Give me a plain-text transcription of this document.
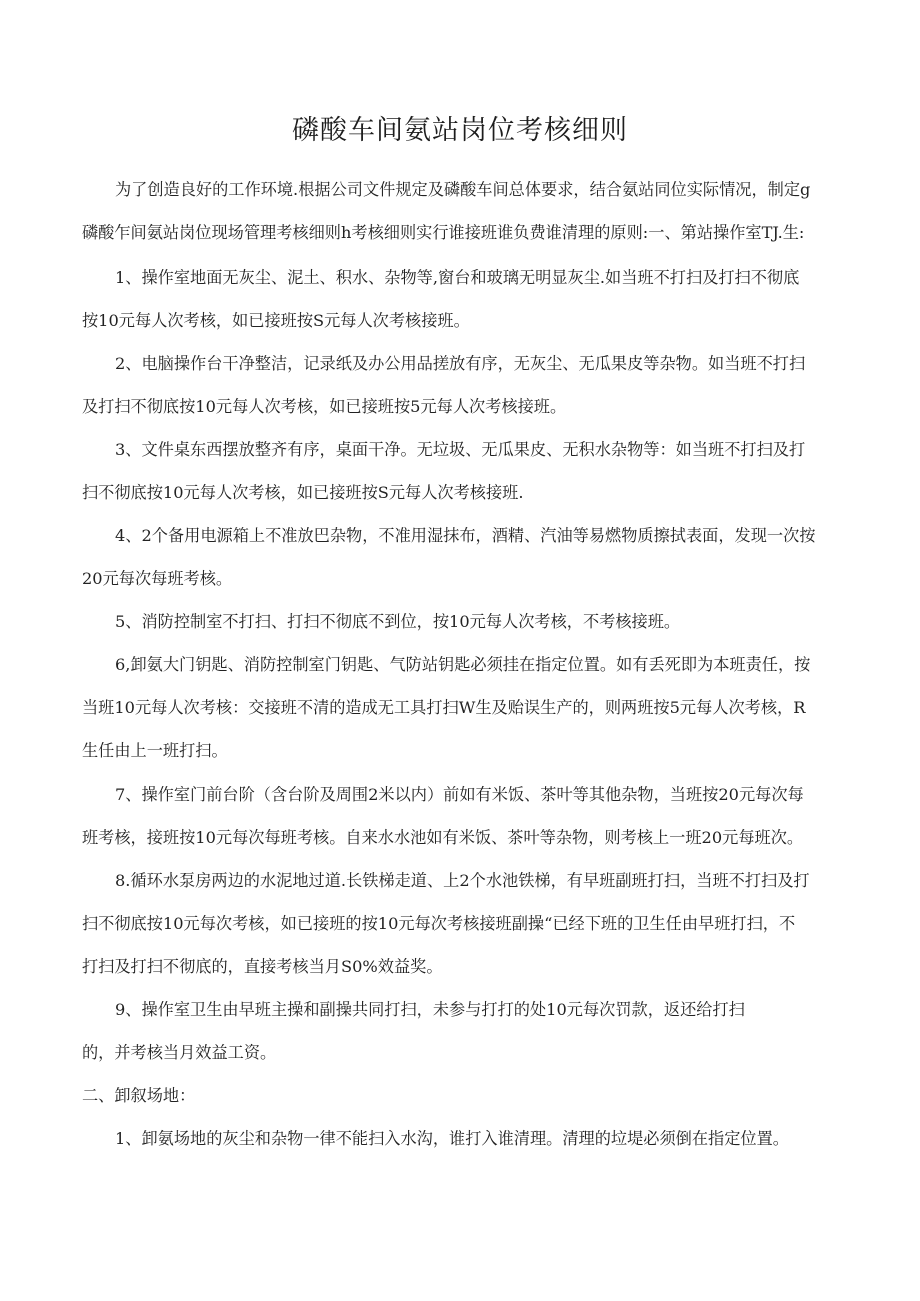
磷酸车间氨站岗位考核细则

为了创造良好的工作环境.根据公司文件规定及磷酸车间总体要求，结合氨站同位实际情况，制定g

磷酸乍间氨站岗位现场管理考核细则h考核细则实行谁接班谁负费谁清理的原则:一、第站操作室TJ.生:

1、操作室地面无灰尘、泥土、积水、杂物等,窗台和玻璃无明显灰尘.如当班不打扫及打扫不彻底

按10元每人次考核，如已接班按S元每人次考核接班。

2、电脑操作台干净整洁，记录纸及办公用品搓放有序，无灰尘、无瓜果皮等杂物。如当班不打扫

及打扫不彻底按10元每人次考核，如已接班按5元每人次考核接班。

3、文件桌东西摆放整齐有序，桌面干净。无垃圾、无瓜果皮、无积水杂物等：如当班不打扫及打

扫不彻底按10元每人次考核，如已接班按S元每人次考核接班.

4、2个备用电源箱上不准放巴杂物，不准用湿抹布，酒精、汽油等易燃物质擦拭表面，发现一次按

20元每次每班考核。

5、消防控制室不打扫、打扫不彻底不到位，按10元每人次考核，不考核接班。

6,卸氨大门钥匙、消防控制室门钥匙、气防站钥匙必须挂在指定位置。如有丢死即为本班责任，按

当班10元每人次考核：交接班不清的造成无工具打扫W生及贻误生产的，则两班按5元每人次考核，R

生任由上一班打扫。

7、操作室门前台阶（含台阶及周围2米以内）前如有米饭、茶叶等其他杂物，当班按20元每次每

班考核，接班按10元每次每班考核。自来水水池如有米饭、茶叶等杂物，则考核上一班20元每班次。

8.循环水泵房两边的水泥地过道.长铁梯走道、上2个水池铁梯，有早班副班打扫，当班不打扫及打

扫不彻底按10元每次考核，如已接班的按10元每次考核接班副操“已经下班的卫生任由早班打扫，不

打扫及打扫不彻底的，直接考核当月S0%效益奖。

9、操作室卫生由早班主操和副操共同打扫，未参与打打的处10元每次罚款，返还给打扫

的，并考核当月效益工资。

二、卸叙场地：

1、卸氨场地的灰尘和杂物一律不能扫入水沟，谁打入谁清理。清理的垃堤必须倒在指定位置。
